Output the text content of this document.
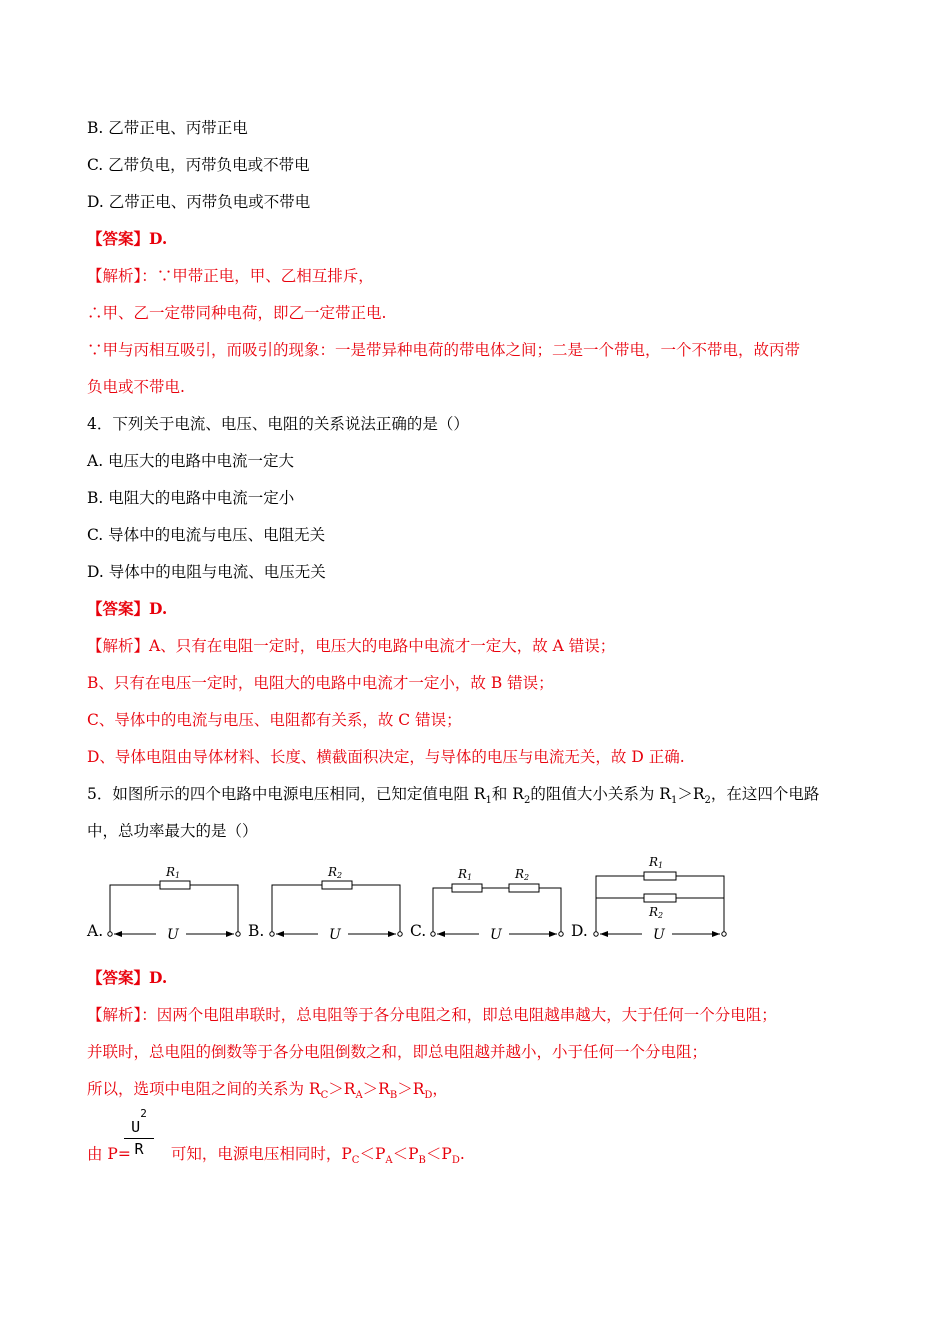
B. 乙带正电、丙带正电
C. 乙带负电，丙带负电或不带电
D. 乙带正电、丙带负电或不带电
【答案】D.
【解析】：∵甲带正电，甲、乙相互排斥，
∴甲、乙一定带同种电荷，即乙一定带正电.
∵甲与丙相互吸引，而吸引的现象：一是带异种电荷的带电体之间；二是一个带电，一个不带电，故丙带
负电或不带电.
4．下列关于电流、电压、电阻的关系说法正确的是（）
A. 电压大的电路中电流一定大
B. 电阻大的电路中电流一定小
C. 导体中的电流与电压、电阻无关
D. 导体中的电阻与电流、电压无关
【答案】D.
【解析】A、只有在电阻一定时，电压大的电路中电流才一定大，故 A 错误；
B、只有在电压一定时，电阻大的电路中电流才一定小，故 B 错误；
C、导体中的电流与电压、电阻都有关系，故 C 错误；
D、导体电阻由导体材料、长度、横截面积决定，与导体的电压与电流无关，故 D 正确.
5．如图所示的四个电路中电源电压相同，已知定值电阻 $R_1$和 $R_2$的阻值大小关系为 $R_1>R_2$，在这四个电路
中，总功率最大的是（）
A.	B.	C.	D.
R1
U
R2
U
R1	R2
U
R1
R2
U
【答案】D.
【解析】：因两个电阻串联时，总电阻等于各分电阻之和，即总电阻越串越大，大于任何一个分电阻；
并联时，总电阻的倒数等于各分电阻倒数之和，即总电阻越并越小，小于任何一个分电阻；
所以，选项中电阻之间的关系为 $R_C>R_A>R_B>R_D$，
$\frac{U^2}{R}$
由 P=	可知，电源电压相同时，$P_C<P_A<P_B<P_D$.
